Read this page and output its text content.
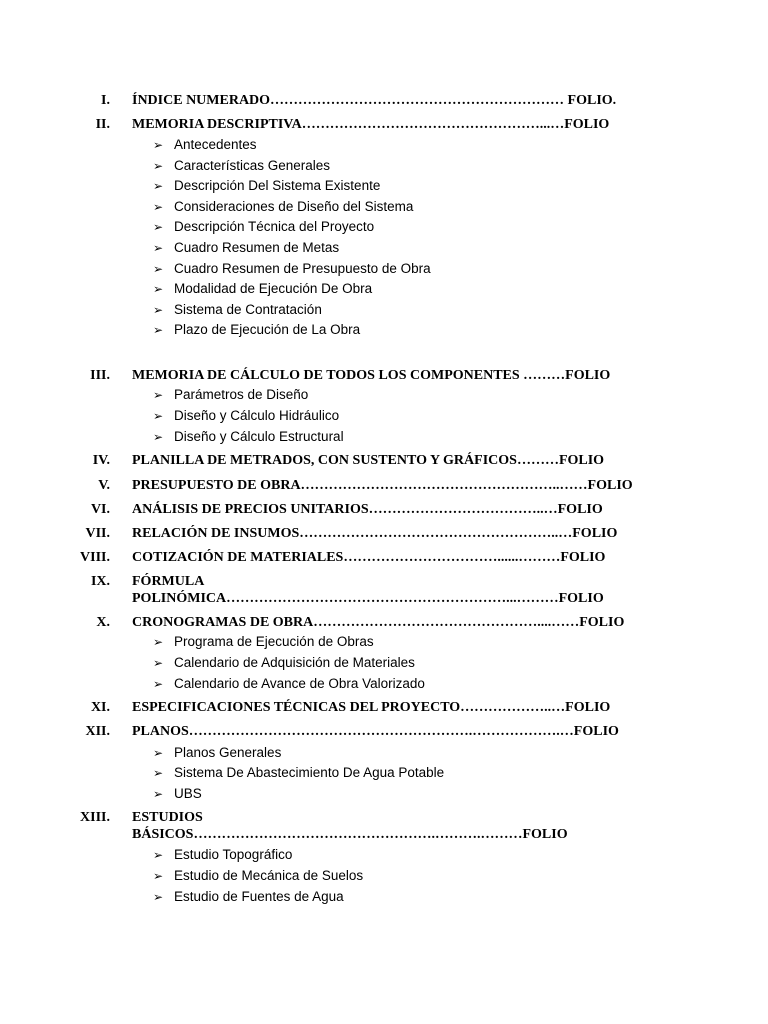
I. ÍNDICE NUMERADO……………………………………………………… FOLIO.
II. MEMORIA DESCRIPTIVA……………………………………………...…FOLIO
➢ Antecedentes
➢ Características Generales
➢ Descripción Del Sistema Existente
➢ Consideraciones de Diseño del Sistema
➢ Descripción Técnica del Proyecto
➢ Cuadro Resumen de Metas
➢ Cuadro Resumen de Presupuesto de Obra
➢ Modalidad de Ejecución De Obra
➢ Sistema de Contratación
➢ Plazo de Ejecución de La Obra
III. MEMORIA DE CÁLCULO DE TODOS LOS COMPONENTES ………FOLIO
➢ Parámetros de Diseño
➢ Diseño y Cálculo Hidráulico
➢ Diseño y Cálculo Estructural
IV. PLANILLA DE METRADOS, CON SUSTENTO Y GRÁFICOS………FOLIO
V. PRESUPUESTO DE OBRA………………………………………………..……FOLIO
VI. ANÁLISIS DE PRECIOS UNITARIOS………………………………..…FOLIO
VII. RELACIÓN DE INSUMOS………………………………………………..…FOLIO
VIII. COTIZACIÓN DE MATERIALES……………………………......………FOLIO
IX. FÓRMULA
POLINÓMICA……………………………………………………...………FOLIO
X. CRONOGRAMAS DE OBRA…………………………………………....……FOLIO
➢ Programa de Ejecución de Obras
➢ Calendario de Adquisición de Materiales
➢ Calendario de Avance de Obra Valorizado
XI. ESPECIFICACIONES TÉCNICAS DEL PROYECTO………………..…FOLIO
XII. PLANOS…………………………………………………….……………….…FOLIO
➢ Planos Generales
➢ Sistema De Abastecimiento De Agua Potable
➢ UBS
XIII. ESTUDIOS
BÁSICOS…………………………………………….……….………FOLIO
➢ Estudio Topográfico
➢ Estudio de Mecánica de Suelos
➢ Estudio de Fuentes de Agua
